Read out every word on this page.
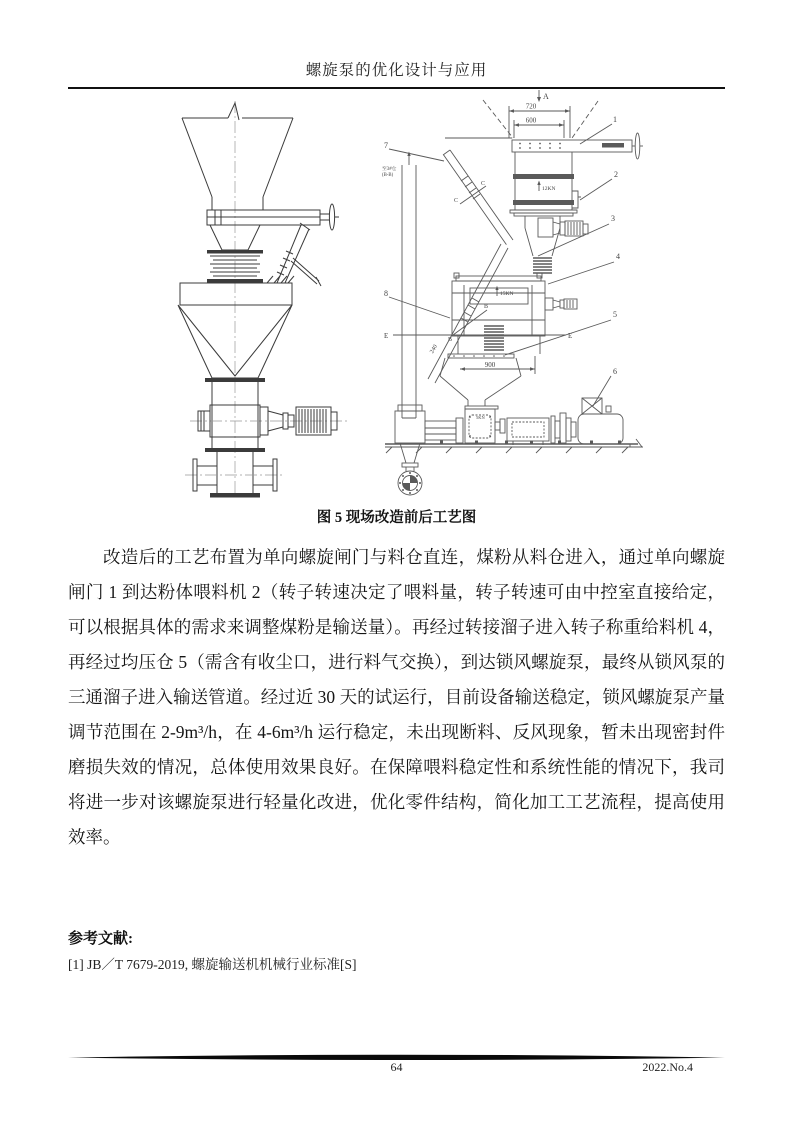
螺旋泵的优化设计与应用
A
720
600	1
12KN
2
3
15KN
4
E	E
至3#仓
(B-B)
C
C
7
B
B
240
8
900
5
5KN
6
图 5 现场改造前后工艺图
改造后的工艺布置为单向螺旋闸门与料仓直连，煤粉从料仓进入，通过单向螺旋闸门 1 到达粉体喂料机 2（转子转速决定了喂料量，转子转速可由中控室直接给定，可以根据具体的需求来调整煤粉是输送量）。再经过转接溜子进入转子称重给料机 4，再经过均压仓 5（需含有收尘口，进行料气交换），到达锁风螺旋泵，最终从锁风泵的三通溜子进入输送管道。经过近 30 天的试运行，目前设备输送稳定，锁风螺旋泵产量调节范围在 2-9m³/h，在 4-6m³/h 运行稳定，未出现断料、反风现象，暂未出现密封件磨损失效的情况，总体使用效果良好。在保障喂料稳定性和系统性能的情况下，我司将进一步对该螺旋泵进行轻量化改进，优化零件结构，简化加工工艺流程，提高使用效率。
参考文献:
[1] JB／T 7679-2019, 螺旋输送机机械行业标准[S]
64	2022.No.4
